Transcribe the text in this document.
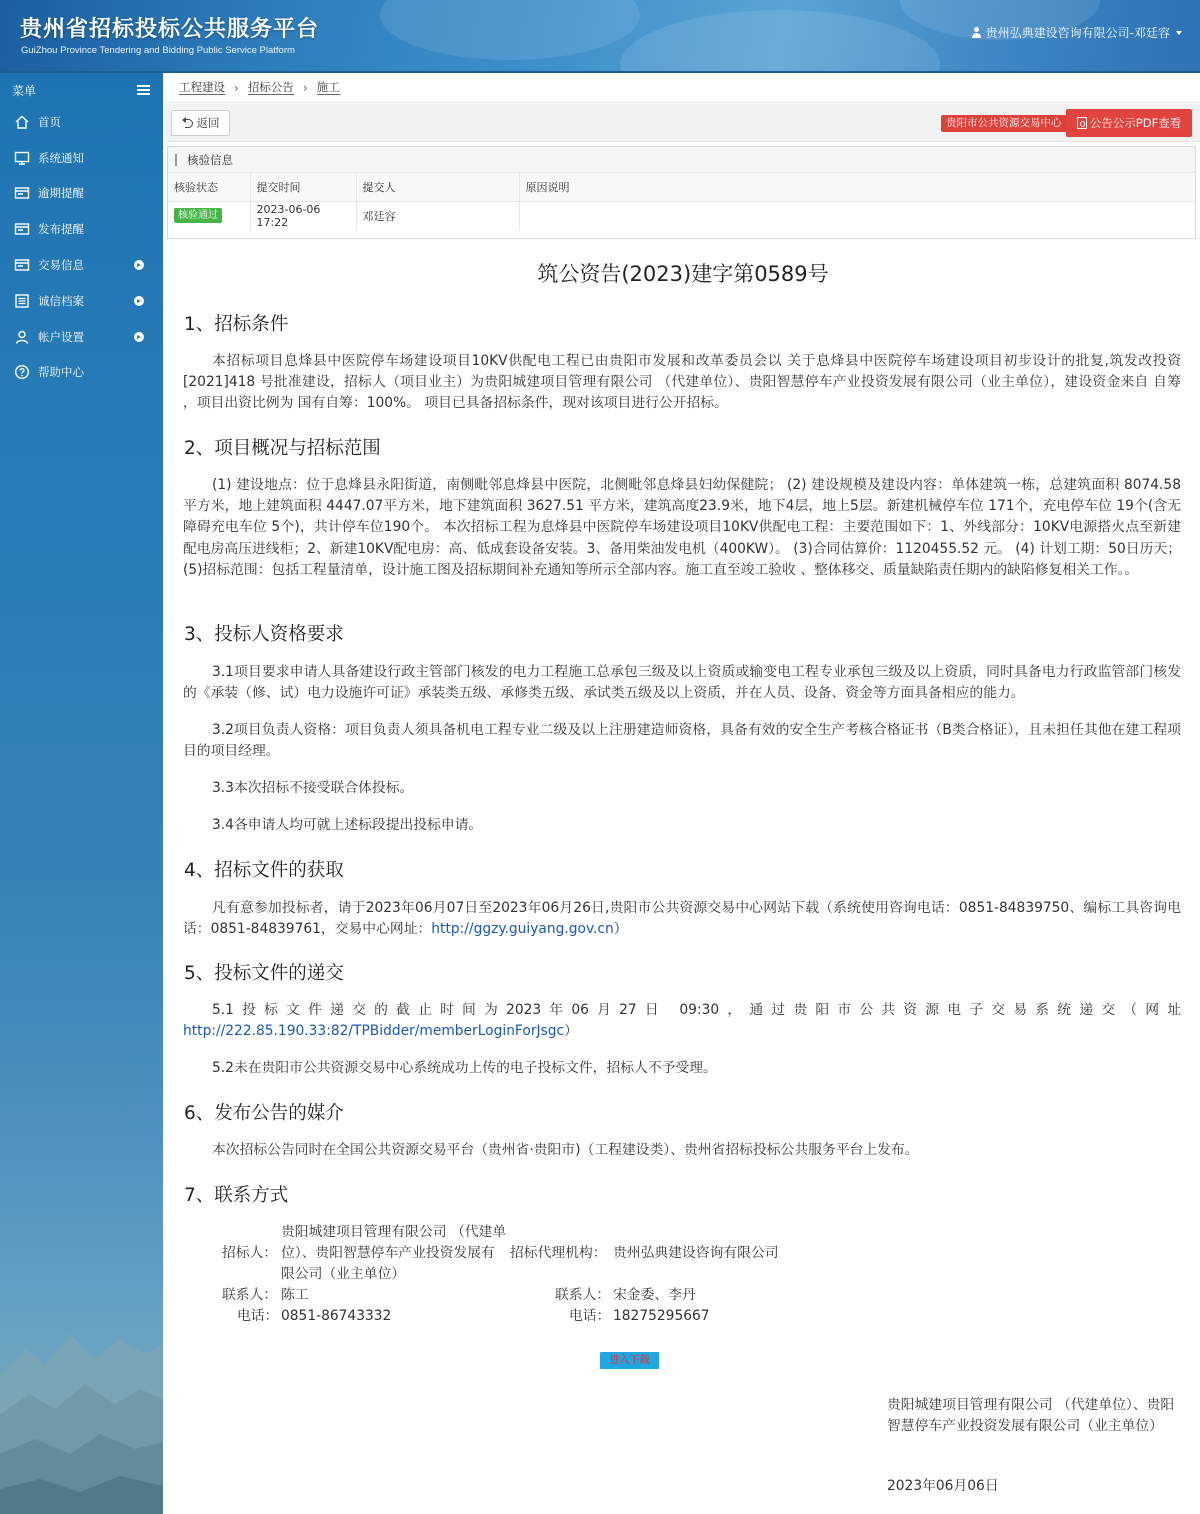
贵州省招标投标公共服务平台
GuiZhou Province Tendering and Bidding Public Service Platform
贵州弘典建设咨询有限公司-邓廷容
菜单
首页
系统通知
逾期提醒
发布提醒
交易信息
诚信档案
帐户设置
帮助中心
工程建设 › 招标公告 › 施工
返回	贵阳市公共资源交易中心	公告公示PDF查看
核验信息
核验状态	提交时间	提交人	原因说明
核验通过	2023-06-06 17:22	邓廷容	
筑公资告(2023)建字第0589号
1、招标条件
本招标项目息烽县中医院停车场建设项目10KV供配电工程已由贵阳市发展和改革委员会以 关于息烽县中医院停车场建设项目初步设计的批复,筑发改投资[2021]418 号批准建设，招标人（项目业主）为贵阳城建项目管理有限公司 （代建单位）、贵阳智慧停车产业投资发展有限公司（业主单位），建设资金来自 自筹 ，项目出资比例为 国有自筹：100%。 项目已具备招标条件，现对该项目进行公开招标。
2、项目概况与招标范围
(1) 建设地点：位于息烽县永阳街道，南侧毗邻息烽县中医院，北侧毗邻息烽县妇幼保健院； (2) 建设规模及建设内容：单体建筑一栋，总建筑面积 8074.58 平方米，地上建筑面积 4447.07平方米，地下建筑面积 3627.51 平方米，建筑高度23.9米，地下4层，地上5层。新建机械停车位 171个，充电停车位 19个(含无障碍充电车位 5个)，共计停车位190个。 本次招标工程为息烽县中医院停车场建设项目10KV供配电工程：主要范围如下：1、外线部分：10KV电源搭火点至新建配电房高压进线柜；2、新建10KV配电房：高、低成套设备安装。3、备用柴油发电机（400KW）。 (3)合同估算价：1120455.52 元。 (4) 计划工期：50日历天； (5)招标范围：包括工程量清单，设计施工图及招标期间补充通知等所示全部内容。施工直至竣工验收 、整体移交、质量缺陷责任期内的缺陷修复相关工作。。
3、投标人资格要求
3.1项目要求申请人具备建设行政主管部门核发的电力工程施工总承包三级及以上资质或输变电工程专业承包三级及以上资质，同时具备电力行政监管部门核发的《承装（修、试）电力设施许可证》承装类五级、承修类五级、承试类五级及以上资质，并在人员、设备、资金等方面具备相应的能力。
3.2项目负责人资格：项目负责人须具备机电工程专业二级及以上注册建造师资格，具备有效的安全生产考核合格证书（B类合格证），且未担任其他在建工程项目的项目经理。
3.3本次招标不接受联合体投标。
3.4各申请人均可就上述标段提出投标申请。
4、招标文件的获取
凡有意参加投标者，请于2023年06月07日至2023年06月26日,贵阳市公共资源交易中心网站下载（系统使用咨询电话：0851-84839750、编标工具咨询电话：0851-84839761，交易中心网址：http://ggzy.guiyang.gov.cn）
5、投标文件的递交
5.1投标文件递交的截止时间为2023年06月27日 09:30，通过贵阳市公共资源电子交易系统递交（网址http://222.85.190.33:82/TPBidder/memberLoginForJsgc）
5.2未在贵阳市公共资源交易中心系统成功上传的电子投标文件，招标人不予受理。
6、发布公告的媒介
本次招标公告同时在全国公共资源交易平台（贵州省·贵阳市)（工程建设类）、贵州省招标投标公共服务平台上发布。
7、联系方式
招标人：
贵阳城建项目管理有限公司 （代建单位）、贵阳智慧停车产业投资发展有限公司（业主单位）
招标代理机构： 贵州弘典建设咨询有限公司
联系人： 陈工	联系人： 宋金委、李丹
电话： 0851-86743332	电话： 18275295667
进入下载
贵阳城建项目管理有限公司 （代建单位）、贵阳智慧停车产业投资发展有限公司（业主单位）
2023年06月06日
